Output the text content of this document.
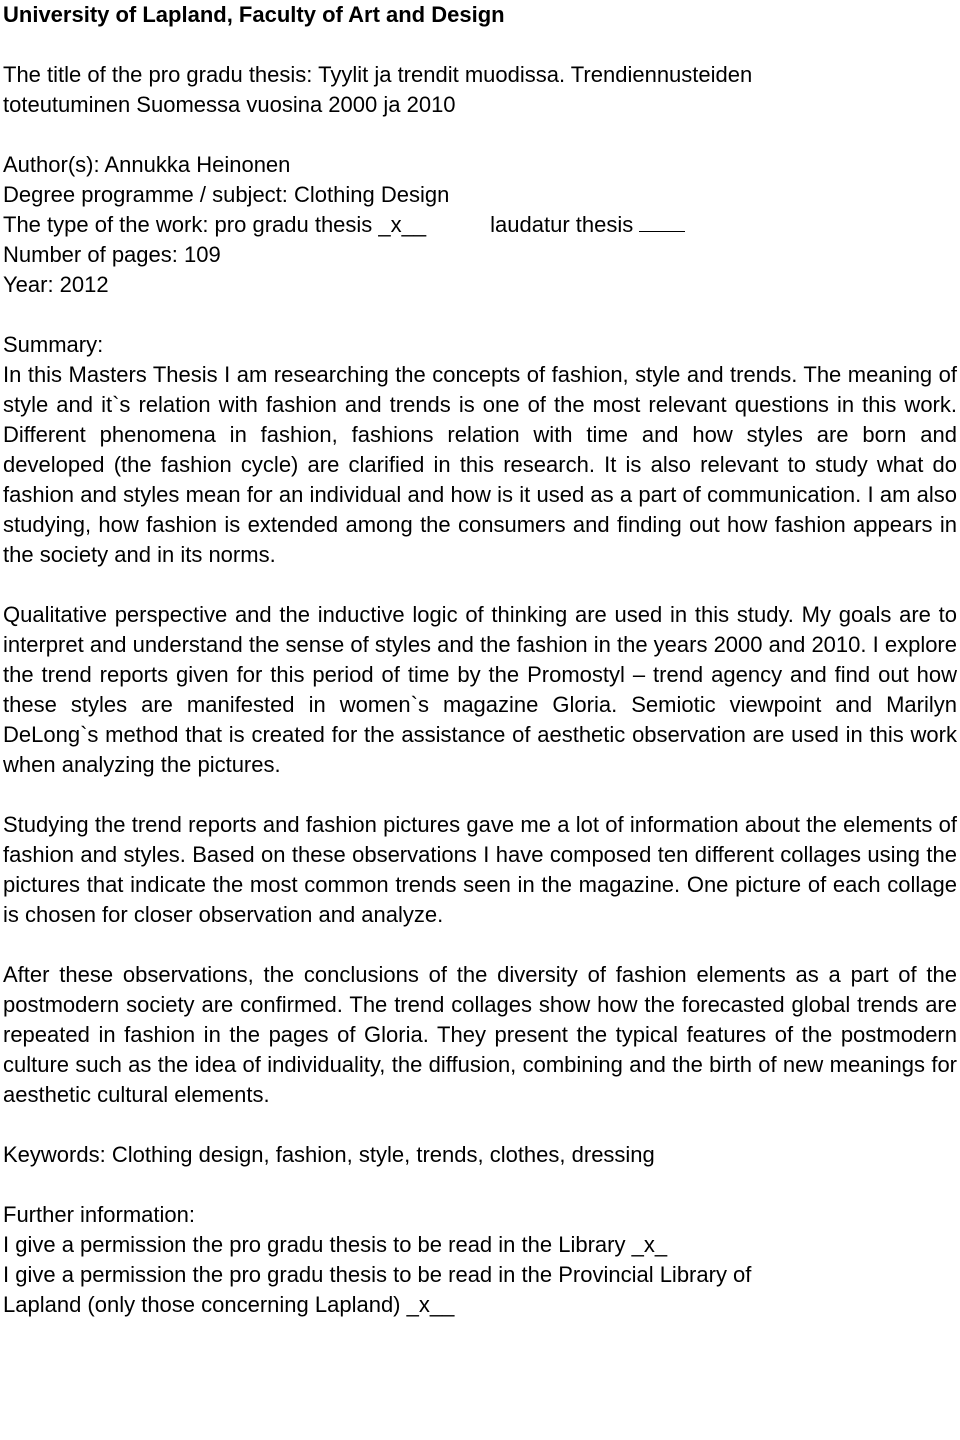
University of Lapland, Faculty of Art and Design
The title of the pro gradu thesis: Tyylit ja trendit muodissa. Trendiennusteiden
toteutuminen Suomessa vuosina 2000 ja 2010
Author(s): Annukka Heinonen
Degree programme / subject: Clothing Design
The type of the work: pro gradu thesis _x__	laudatur thesis
Number of pages: 109
Year: 2012
Summary:

In this Masters Thesis I am researching the concepts of fashion, style and trends. The meaning of style and it`s relation with fashion and trends is one of the most relevant questions in this work. Different phenomena in fashion, fashions relation with time and how styles are born and developed (the fashion cycle) are clarified in this research. It is also relevant to study what do fashion and styles mean for an individual and how is it used as a part of communication. I am also studying, how fashion is extended among the consumers and finding out how fashion appears in the society and in its norms.

Qualitative perspective and the inductive logic of thinking are used in this study. My goals are to interpret and understand the sense of styles and the fashion in the years 2000 and 2010. I explore the trend reports given for this period of time by the Promostyl – trend agency and find out how these styles are manifested in women`s magazine Gloria. Semiotic viewpoint and Marilyn DeLong`s method that is created for the assistance of aesthetic observation are used in this work when analyzing the pictures.

Studying the trend reports and fashion pictures gave me a lot of information about the elements of fashion and styles. Based on these observations I have composed ten different collages using the pictures that indicate the most common trends seen in the magazine. One picture of each collage is chosen for closer observation and analyze.

After these observations, the conclusions of the diversity of fashion elements as a part of the postmodern society are confirmed. The trend collages show how the forecasted global trends are repeated in fashion in the pages of Gloria. They present the typical features of the postmodern culture such as the idea of individuality, the diffusion, combining and the birth of new meanings for aesthetic cultural elements.

Keywords: Clothing design, fashion, style, trends, clothes, dressing
Further information:
I give a permission the pro gradu thesis to be read in the Library _x_
I give a permission the pro gradu thesis to be read in the Provincial Library of
Lapland (only those concerning Lapland) _x__
